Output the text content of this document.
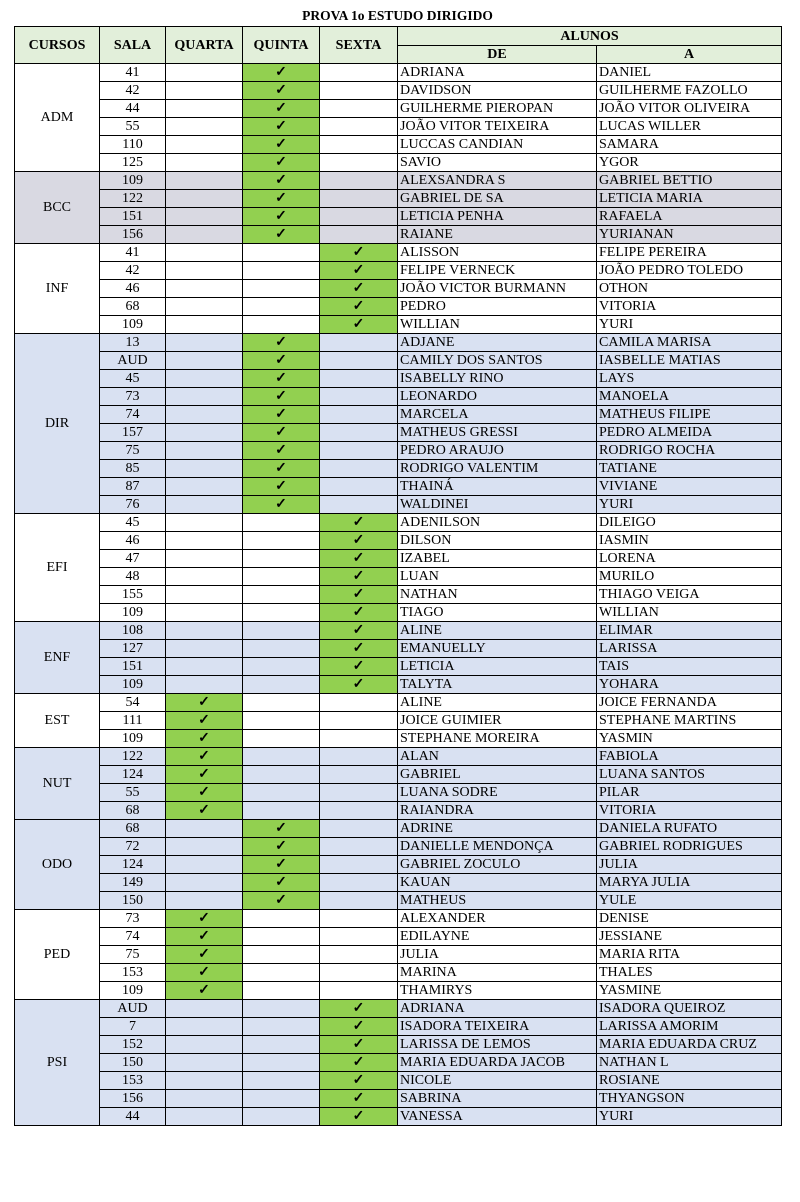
PROVA 1o ESTUDO DIRIGIDO
CURSOS	SALA	QUARTA	QUINTA	SEXTA	ALUNOS	
					DE	A
ADM	41		✓		ADRIANA	DANIEL
	42		✓		DAVIDSON	GUILHERME FAZOLLO
	44		✓		GUILHERME PIEROPAN	JOÃO VITOR OLIVEIRA
	55		✓		JOÃO VITOR TEIXEIRA	LUCAS WILLER
	110		✓		LUCCAS CANDIAN	SAMARA
	125		✓		SAVIO	YGOR
BCC	109		✓		ALEXSANDRA S	GABRIEL BETTIO
	122		✓		GABRIEL DE SA	LETICIA MARIA
	151		✓		LETICIA PENHA	RAFAELA
	156		✓		RAIANE	YURIANAN
INF	41			✓	ALISSON	FELIPE PEREIRA
	42			✓	FELIPE VERNECK	JOÃO PEDRO TOLEDO
	46			✓	JOÃO VICTOR BURMANN	OTHON
	68			✓	PEDRO	VITORIA
	109			✓	WILLIAN	YURI
DIR	13		✓		ADJANE	CAMILA MARISA
	AUD		✓		CAMILY DOS SANTOS	IASBELLE MATIAS
	45		✓		ISABELLY RINO	LAYS
	73		✓		LEONARDO	MANOELA
	74		✓		MARCELA	MATHEUS FILIPE
	157		✓		MATHEUS GRESSI	PEDRO ALMEIDA
	75		✓		PEDRO ARAUJO	RODRIGO ROCHA
	85		✓		RODRIGO VALENTIM	TATIANE
	87		✓		THAINÁ	VIVIANE
	76		✓		WALDINEI	YURI
EFI	45			✓	ADENILSON	DILEIGO
	46			✓	DILSON	IASMIN
	47			✓	IZABEL	LORENA
	48			✓	LUAN	MURILO
	155			✓	NATHAN	THIAGO VEIGA
	109			✓	TIAGO	WILLIAN
ENF	108			✓	ALINE	ELIMAR
	127			✓	EMANUELLY	LARISSA
	151			✓	LETICIA	TAIS
	109			✓	TALYTA	YOHARA
EST	54	✓			ALINE	JOICE FERNANDA
	111	✓			JOICE GUIMIER	STEPHANE MARTINS
	109	✓			STEPHANE MOREIRA	YASMIN
NUT	122	✓			ALAN	FABIOLA
	124	✓			GABRIEL	LUANA SANTOS
	55	✓			LUANA SODRE	PILAR
	68	✓			RAIANDRA	VITORIA
ODO	68		✓		ADRINE	DANIELA RUFATO
	72		✓		DANIELLE MENDONÇA	GABRIEL RODRIGUES
	124		✓		GABRIEL ZOCULO	JULIA
	149		✓		KAUAN	MARYA JULIA
	150		✓		MATHEUS	YULE
PED	73	✓			ALEXANDER	DENISE
	74	✓			EDILAYNE	JESSIANE
	75	✓			JULIA	MARIA RITA
	153	✓			MARINA	THALES
	109	✓			THAMIRYS	YASMINE
PSI	AUD			✓	ADRIANA	ISADORA QUEIROZ
	7			✓	ISADORA TEIXEIRA	LARISSA AMORIM
	152			✓	LARISSA DE LEMOS	MARIA EDUARDA CRUZ
	150			✓	MARIA EDUARDA JACOB	NATHAN L
	153			✓	NICOLE	ROSIANE
	156			✓	SABRINA	THYANGSON
	44			✓	VANESSA	YURI
